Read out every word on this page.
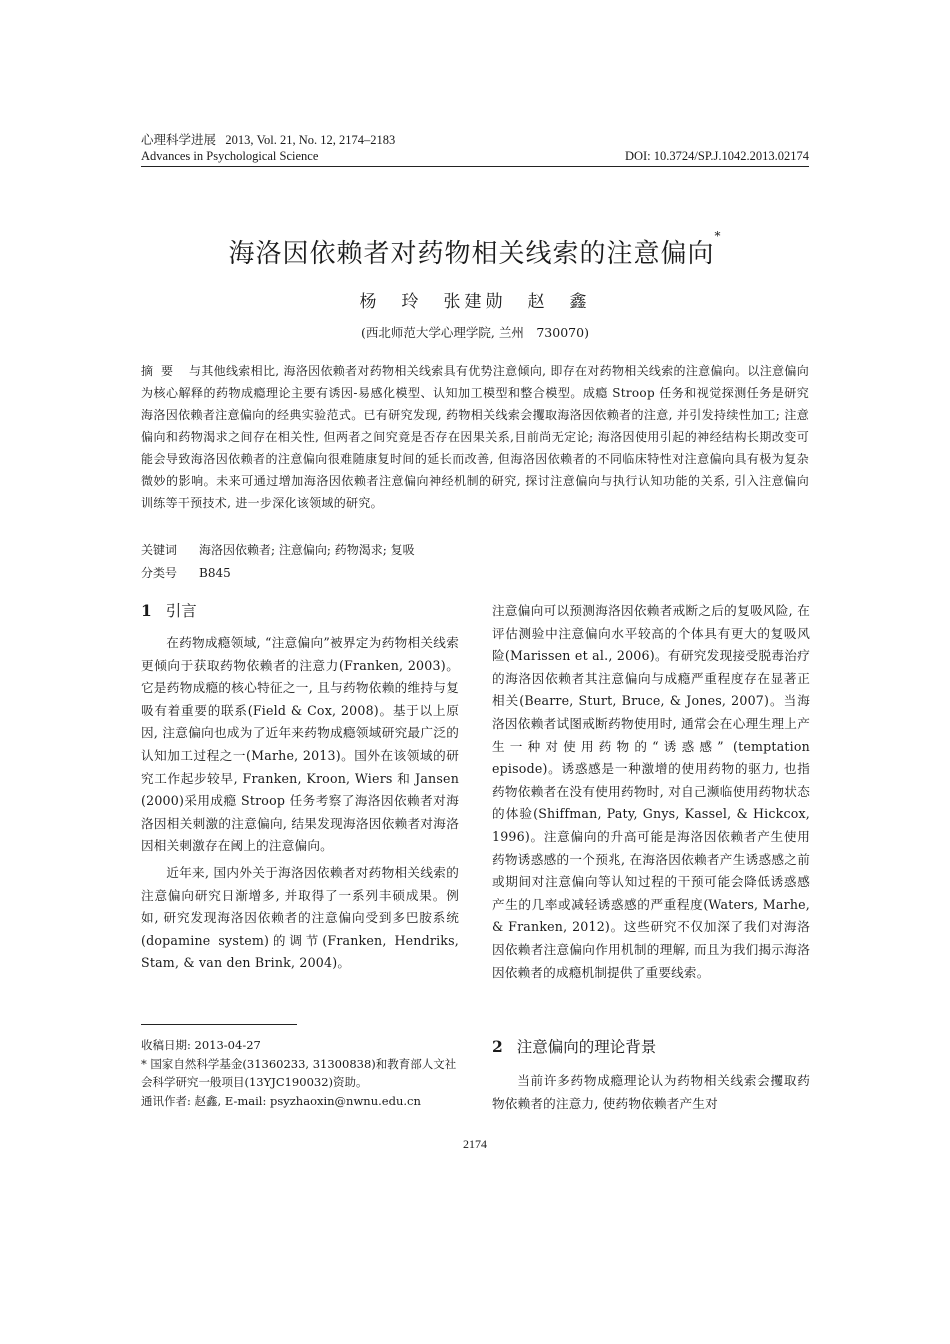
心理科学进展 2013, Vol. 21, No. 12, 2174–2183
Advances in Psychological Science	DOI: 10.3724/SP.J.1042.2013.02174
海洛因依赖者对药物相关线索的注意偏向*
杨　玲　张建勋　赵　鑫
(西北师范大学心理学院, 兰州　730070)
摘要 与其他线索相比, 海洛因依赖者对药物相关线索具有优势注意倾向, 即存在对药物相关线索的注意偏向。以注意偏向为核心解释的药物成瘾理论主要有诱因-易感化模型、认知加工模型和整合模型。成瘾 Stroop 任务和视觉探测任务是研究海洛因依赖者注意偏向的经典实验范式。已有研究发现, 药物相关线索会攫取海洛因依赖者的注意, 并引发持续性加工; 注意偏向和药物渴求之间存在相关性, 但两者之间究竟是否存在因果关系,目前尚无定论; 海洛因使用引起的神经结构长期改变可能会导致海洛因依赖者的注意偏向很难随康复时间的延长而改善, 但海洛因依赖者的不同临床特性对注意偏向具有极为复杂微妙的影响。未来可通过增加海洛因依赖者注意偏向神经机制的研究, 探讨注意偏向与执行认知功能的关系, 引入注意偏向训练等干预技术, 进一步深化该领域的研究。
关键词 海洛因依赖者; 注意偏向; 药物渴求; 复吸
分类号 B845
1 引言

在药物成瘾领域, “注意偏向”被界定为药物相关线索更倾向于获取药物依赖者的注意力(Franken, 2003)。它是药物成瘾的核心特征之一, 且与药物依赖的维持与复吸有着重要的联系(Field & Cox, 2008)。基于以上原因, 注意偏向也成为了近年来药物成瘾领域研究最广泛的认知加工过程之一(Marhe, 2013)。国外在该领域的研究工作起步较早, Franken, Kroon, Wiers 和 Jansen (2000)采用成瘾 Stroop 任务考察了海洛因依赖者对海洛因相关刺激的注意偏向, 结果发现海洛因依赖者对海洛因相关刺激存在阈上的注意偏向。

近年来, 国内外关于海洛因依赖者对药物相关线索的注意偏向研究日渐增多, 并取得了一系列丰硕成果。例如, 研究发现海洛因依赖者的注意偏向受到多巴胺系统(dopamine system)的调节(Franken, Hendriks, Stam, & van den Brink, 2004)。

收稿日期: 2013-04-27
* 国家自然科学基金(31360233, 31300838)和教育部人文社会科学研究一般项目(13YJC190032)资助。
通讯作者: 赵鑫, E-mail: psyzhaoxin@nwnu.edu.cn

注意偏向可以预测海洛因依赖者戒断之后的复吸风险, 在评估测验中注意偏向水平较高的个体具有更大的复吸风险(Marissen et al., 2006)。有研究发现接受脱毒治疗的海洛因依赖者其注意偏向与成瘾严重程度存在显著正相关(Bearre, Sturt, Bruce, & Jones, 2007)。当海洛因依赖者试图戒断药物使用时, 通常会在心理生理上产生一种对使用药物的“诱惑感” (temptation episode)。诱惑感是一种激增的使用药物的驱力, 也指药物依赖者在没有使用药物时, 对自己濒临使用药物状态的体验(Shiffman, Paty, Gnys, Kassel, & Hickcox, 1996)。注意偏向的升高可能是海洛因依赖者产生使用药物诱惑感的一个预兆, 在海洛因依赖者产生诱惑感之前或期间对注意偏向等认知过程的干预可能会降低诱惑感产生的几率或减轻诱惑感的严重程度(Waters, Marhe, & Franken, 2012)。这些研究不仅加深了我们对海洛因依赖者注意偏向作用机制的理解, 而且为我们揭示海洛因依赖者的成瘾机制提供了重要线索。

2 注意偏向的理论背景

当前许多药物成瘾理论认为药物相关线索会攫取药物依赖者的注意力, 使药物依赖者产生对

2174
